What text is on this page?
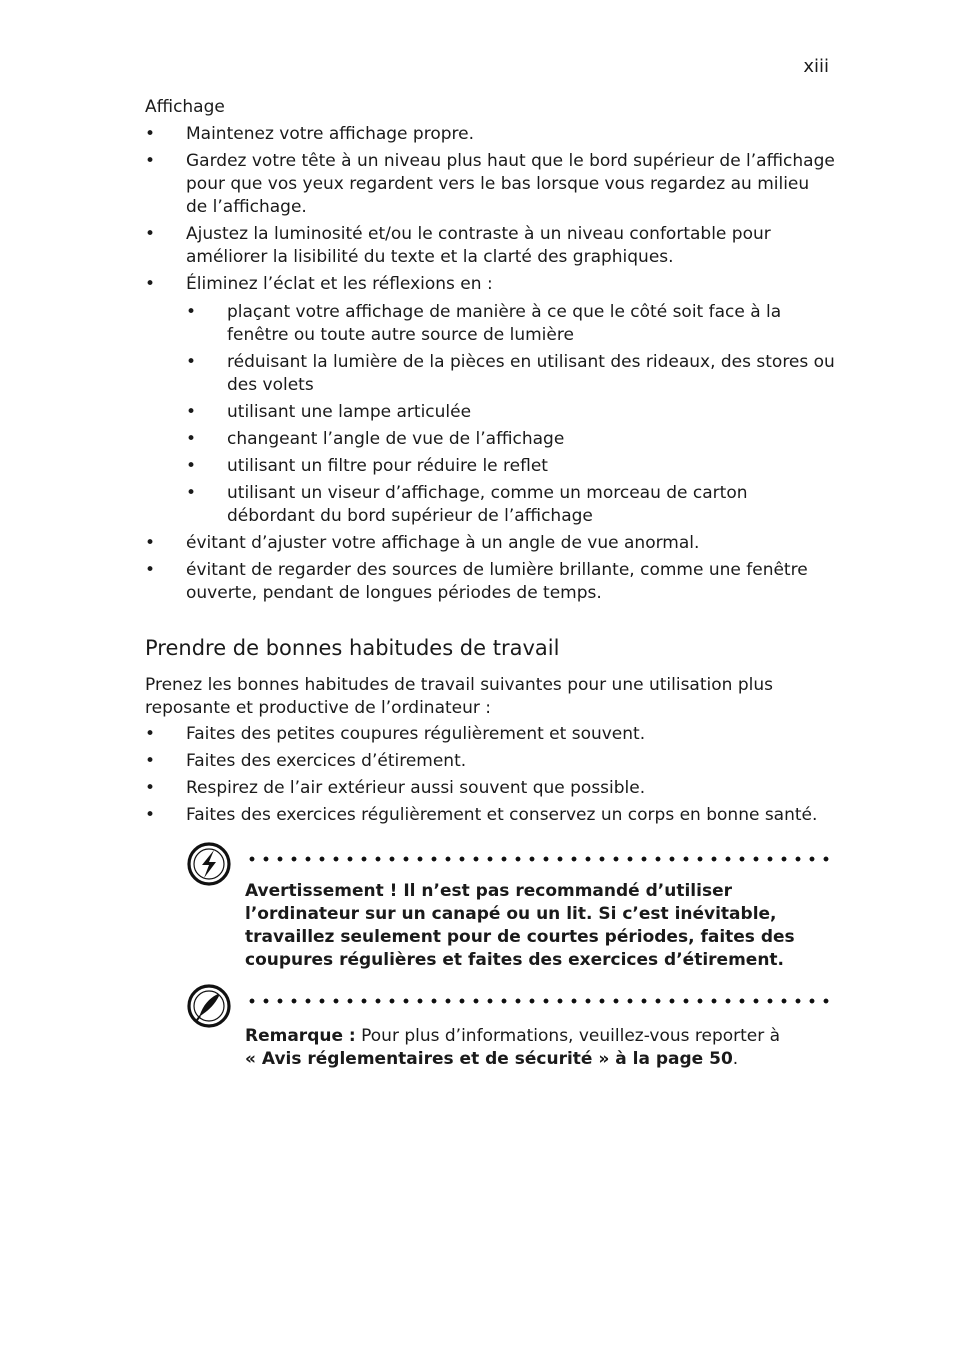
xiii
Affichage
• Maintenez votre affichage propre.
• Gardez votre tête à un niveau plus haut que le bord supérieur de l’affichage pour que vos yeux regardent vers le bas lorsque vous regardez au milieu de l’affichage.
• Ajustez la luminosité et/ou le contraste à un niveau confortable pour améliorer la lisibilité du texte et la clarté des graphiques.
• Éliminez l’éclat et les réflexions en :
• plaçant votre affichage de manière à ce que le côté soit face à la fenêtre ou toute autre source de lumière
• réduisant la lumière de la pièces en utilisant des rideaux, des stores ou des volets
• utilisant une lampe articulée
• changeant l’angle de vue de l’affichage
• utilisant un filtre pour réduire le reflet
• utilisant un viseur d’affichage, comme un morceau de carton débordant du bord supérieur de l’affichage
• évitant d’ajuster votre affichage à un angle de vue anormal.
• évitant de regarder des sources de lumière brillante, comme une fenêtre ouverte, pendant de longues périodes de temps.
Prendre de bonnes habitudes de travail
Prenez les bonnes habitudes de travail suivantes pour une utilisation plus reposante et productive de l’ordinateur :
• Faites des petites coupures régulièrement et souvent.
• Faites des exercices d’étirement.
• Respirez de l’air extérieur aussi souvent que possible.
• Faites des exercices régulièrement et conservez un corps en bonne santé.
Avertissement ! Il n’est pas recommandé d’utiliser l’ordinateur sur un canapé ou un lit. Si c’est inévitable, travaillez seulement pour de courtes périodes, faites des coupures régulières et faites des exercices d’étirement.
Remarque : Pour plus d’informations, veuillez-vous reporter à
« Avis réglementaires et de sécurité » à la page 50.
